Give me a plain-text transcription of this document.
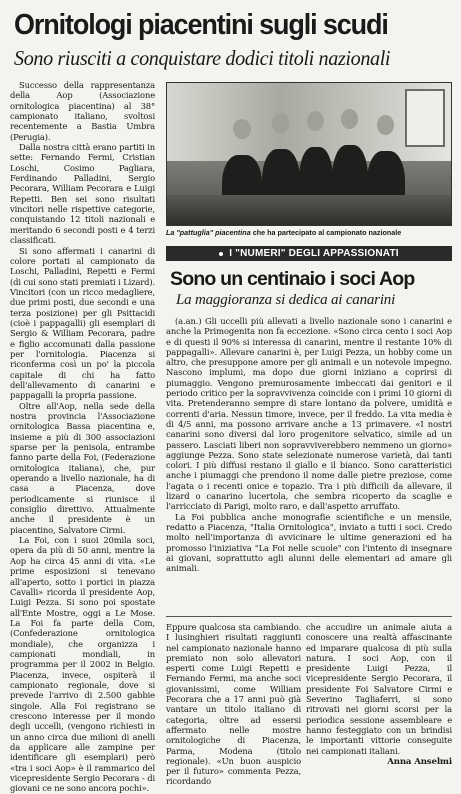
Ornitologi piacentini sugli scudi
Sono riusciti a conquistare dodici titoli nazionali

Successo della rappresentanza della Aop (Associazione ornitologica piacentina) al 38° campionato italiano, svoltosi recentemente a Bastia Umbra (Perugia).

Dalla nostra città erano partiti in sette: Fernando Fermi, Cristian Loschi, Cosimo Pagliara, Ferdinando Palladini, Sergio Pecorara, William Pecorara e Luigi Repetti. Ben sei sono risultati vincitori nelle rispettive categorie, conquistando 12 titoli nazionali e meritando 6 secondi posti e 4 terzi classificati.

Si sono affermati i canarini di colore portati al campionato da Loschi, Palladini, Repetti e Fermi (di cui sono stati premiati i Lizard). Vincitori (con un ricco medagliere, due primi posti, due secondi e una terza posizione) per gli Psittacidi (cioè i pappagalli) gli esemplari di Sergio & William Pecorara, padre e figlio accomunati dalla passione per l'ornitologia. Piacenza si riconferma così un po' la piccola capitale di chi ha fatto dell'allevamento di canarini e pappagalli la propria passione.

Oltre all'Aop, nella sede della nostra provincia l'Associazione ornitologica Bassa piacentina e, insieme a più di 300 associazioni sparse per la penisola, entrambe fanno parte della Foi, (Federazione ornitologica italiana), che, pur operando a livello nazionale, ha di casa a Piacenza, dove periodicamente si riunisce il consiglio direttivo. Attualmente anche il presidente è un piacentino, Salvatore Cirmi.

La Foi, con i suoi 20mila soci, opera da più di 50 anni, mentre la Aop ha circa 45 anni di vita. «Le prime esposizioni si tenevano all'aperto, sotto i portici in piazza Cavalli» ricorda il presidente Aop, Luigi Pezza. Si sono poi spostate all'Ente Mostre, oggi a Le Mose. La Foi fa parte della Com, (Confederazione ornitologica mondiale), che organizza i campionati mondiali, in programma per il 2002 in Belgio. Piacenza, invece, ospiterà il campionato regionale, dove si prevede l'arrivo di 2.500 gabbie singole. Alla Foi registrano se crescono interesse per il mondo degli uccelli, (vengono richiesti in un anno circa due milioni di anelli da applicare alle zampine per identificare gli esemplari) però «tra i soci Aop» è il rammarico del vicepresidente Sergio Pecorara - di giovani ce ne sono ancora pochi».

La "pattuglia" piacentina che ha partecipato al campionato nazionale
I "NUMERI" DEGLI APPASSIONATI
Sono un centinaio i soci Aop
La maggioranza si dedica ai canarini

(a.an.) Gli uccelli più allevati a livello nazionale sono i canarini e anche la Primogenita non fa eccezione. «Sono circa cento i soci Aop e di questi il 90% si interessa di canarini, mentre il restante 10% di pappagalli». Allevare canarini è, per Luigi Pezza, un hobby come un altro, che presuppone amore per gli animali e un notevole impegno. Nascono implumi, ma dopo due giorni iniziano a coprirsi di piumaggio. Vengono premurosamente imbeccati dai genitori e il periodo critico per la sopravvivenza coincide con i primi 10 giorni di vita. Pretenderanno sempre di stare lontano da polvere, umidità e correnti d'aria. Nessun timore, invece, per il freddo. La vita media è di 4/5 anni, ma possono arrivare anche a 13 primavere. «I nostri canarini sono diversi dal loro progenitore selvatico, simile ad un passero. Lasciati liberi non sopravviverebbero nemmeno un giorno» aggiunge Pezza. Sono state selezionate numerose varietà, dai tanti colori. I più diffusi restano il giallo e il bianco. Sono caratteristici anche i piumaggi che prendono il nome dalle pietre preziose, come l'agata o i recenti onice e topazio. Tra i più difficili da allevare, il lizard o canarino lucertola, che sembra ricoperto da scaglie e l'arricciato di Parigi, molto raro, e dall'aspetto arruffato.

La Foi pubblica anche monografie scientifiche e un mensile, redatto a Piacenza, "Italia Ornitologica", inviato a tutti i soci. Credo molto nell'importanza di avvicinare le ultime generazioni ed ha promosso l'iniziativa "La Foi nelle scuole" con l'intento di insegnare ai giovani, soprattutto agli alunni delle elementari ad amare gli animali.

Eppure qualcosa sta cambiando. I lusinghieri risultati raggiunti nel campionato nazionale hanno premiato non solo allevatori esperti come Luigi Repetti e Fernando Fermi, ma anche soci giovanissimi, come William Pecorara che a 17 anni può già vantare un titolo italiano di categoria, oltre ad essersi affermato nelle mostre ornitologiche di Piacenza, Parma, Modena (titolo regionale). «Un buon auspicio per il futuro» commenta Pezza, ricordando

che accudire un animale aiuta a conoscere una realtà affascinante ed imparare qualcosa di più sulla natura. I soci Aop, con il presidente Luigi Pezza, il vicepresidente Sergio Pecorara, il presidente Foi Salvatore Cirmi e Severino Tagliaferri, si sono ritrovati nei giorni scorsi per la periodica sessione assembleare e hanno festeggiato con un brindisi le importanti vittorie conseguite nei campionati italiani.

Anna Anselmi
